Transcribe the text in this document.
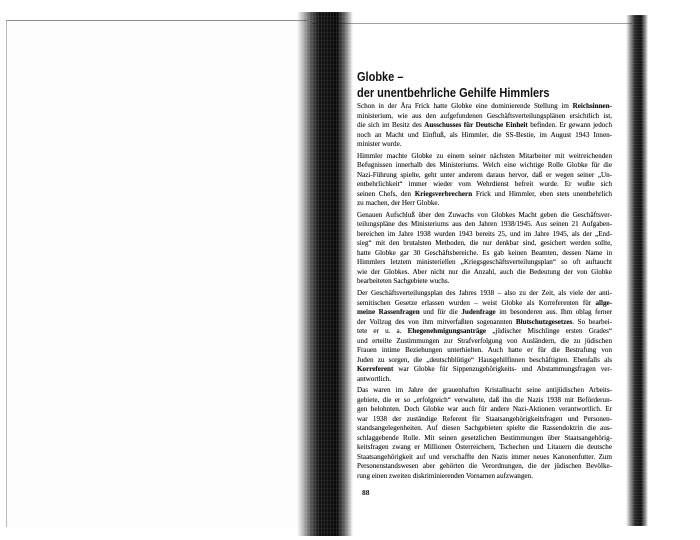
Globke –
der unentbehrliche Gehilfe Himmlers
Schon in der Ära Frick hatte Globke eine dominierende Stellung im Reichsinnen-
ministerium, wie aus den aufgefundenen Geschäftsverteilungsplänen ersichtlich ist,
die sich im Besitz des Ausschusses für Deutsche Einheit befinden. Er gewann jedoch
noch an Macht und Einfluß, als Himmler, die SS-Bestie, im August 1943 Innen-
minister wurde.
Himmler machte Globke zu einem seiner nächsten Mitarbeiter mit weitreichenden
Befugnissen innerhalb des Ministeriums. Welch eine wichtige Rolle Globke für die
Nazi-Führung spielte, geht unter anderem daraus hervor, daß er wegen seiner „Un-
entbehrlichkeit“ immer wieder vom Wehrdienst befreit wurde. Er wußte sich
seinen Chefs, den Kriegsverbrechern Frick und Himmler, eben stets unentbehrlich
zu machen, der Herr Globke.
Genauen Aufschluß über den Zuwachs von Globkes Macht geben die Geschäftsver-
teilungspläne des Ministeriums aus den Jahren 1938/1945. Aus seinen 21 Aufgaben-
bereichen im Jahre 1938 wurden 1943 bereits 25, und im Jahre 1945, als der „End-
sieg“ mit den brutalsten Methoden, die nur denkbar sind, gesichert werden sollte,
hatte Globke gar 30 Geschäftsbereiche. Es gab keinen Beamten, dessen Name in
Himmlers letztem ministeriellen „Kriegsgeschäftsverteilungsplan“ so oft auftaucht
wie der Globkes. Aber nicht nur die Anzahl, auch die Bedeutung der von Globke
bearbeiteten Sachgebiete wuchs.
Der Geschäftsverteilungsplan des Jahres 1938 – also zu der Zeit, als viele der anti-
semitischen Gesetze erlassen wurden – weist Globke als Korreferenten für allge-
meine Rassenfragen und für die Judenfrage im besonderen aus. Ihm oblag ferner
der Vollzug des von ihm mitverfaßten sogenannten Blutschutzgesetzes. So bearbei-
tete er u. a. Ehegenehmigungsanträge „jüdischer Mischlinge ersten Grades“
und erteilte Zustimmungen zur Strafverfolgung von Ausländern, die zu jüdischen
Frauen intime Beziehungen unterhielten. Auch hatte er für die Bestrafung von
Juden zu sorgen, die „deutschblütige“ Hausgehilfinnen beschäftigten. Ebenfalls als
Korreferent war Globke für Sippenzugehörigkeits- und Abstammungsfragen ver-
antwortlich.
Das waren im Jahre der grauenhaften Kristallnacht seine antijüdischen Arbeits-
gebiete, die er so „erfolgreich“ verwaltete, daß ihn die Nazis 1938 mit Beförderun-
gen belohnten. Doch Globke war auch für andere Nazi-Aktionen verantwortlich. Er
war 1938 der zuständige Referent für Staatsangehörigkeitsfragen und Personen-
standsangelegenheiten. Auf diesen Sachgebieten spielte die Rassendoktrin die aus-
schlaggebende Rolle. Mit seinen gesetzlichen Bestimmungen über Staatsangehörig-
keitsfragen zwang er Millionen Österreichern, Tschechen und Litauern die deutsche
Staatsangehörigkeit auf und verschaffte den Nazis immer neues Kanonenfutter. Zum
Personenstandswesen aber gehörten die Verordnungen, die der jüdischen Bevölke-
rung einen zweiten diskriminierenden Vornamen aufzwangen.
88
